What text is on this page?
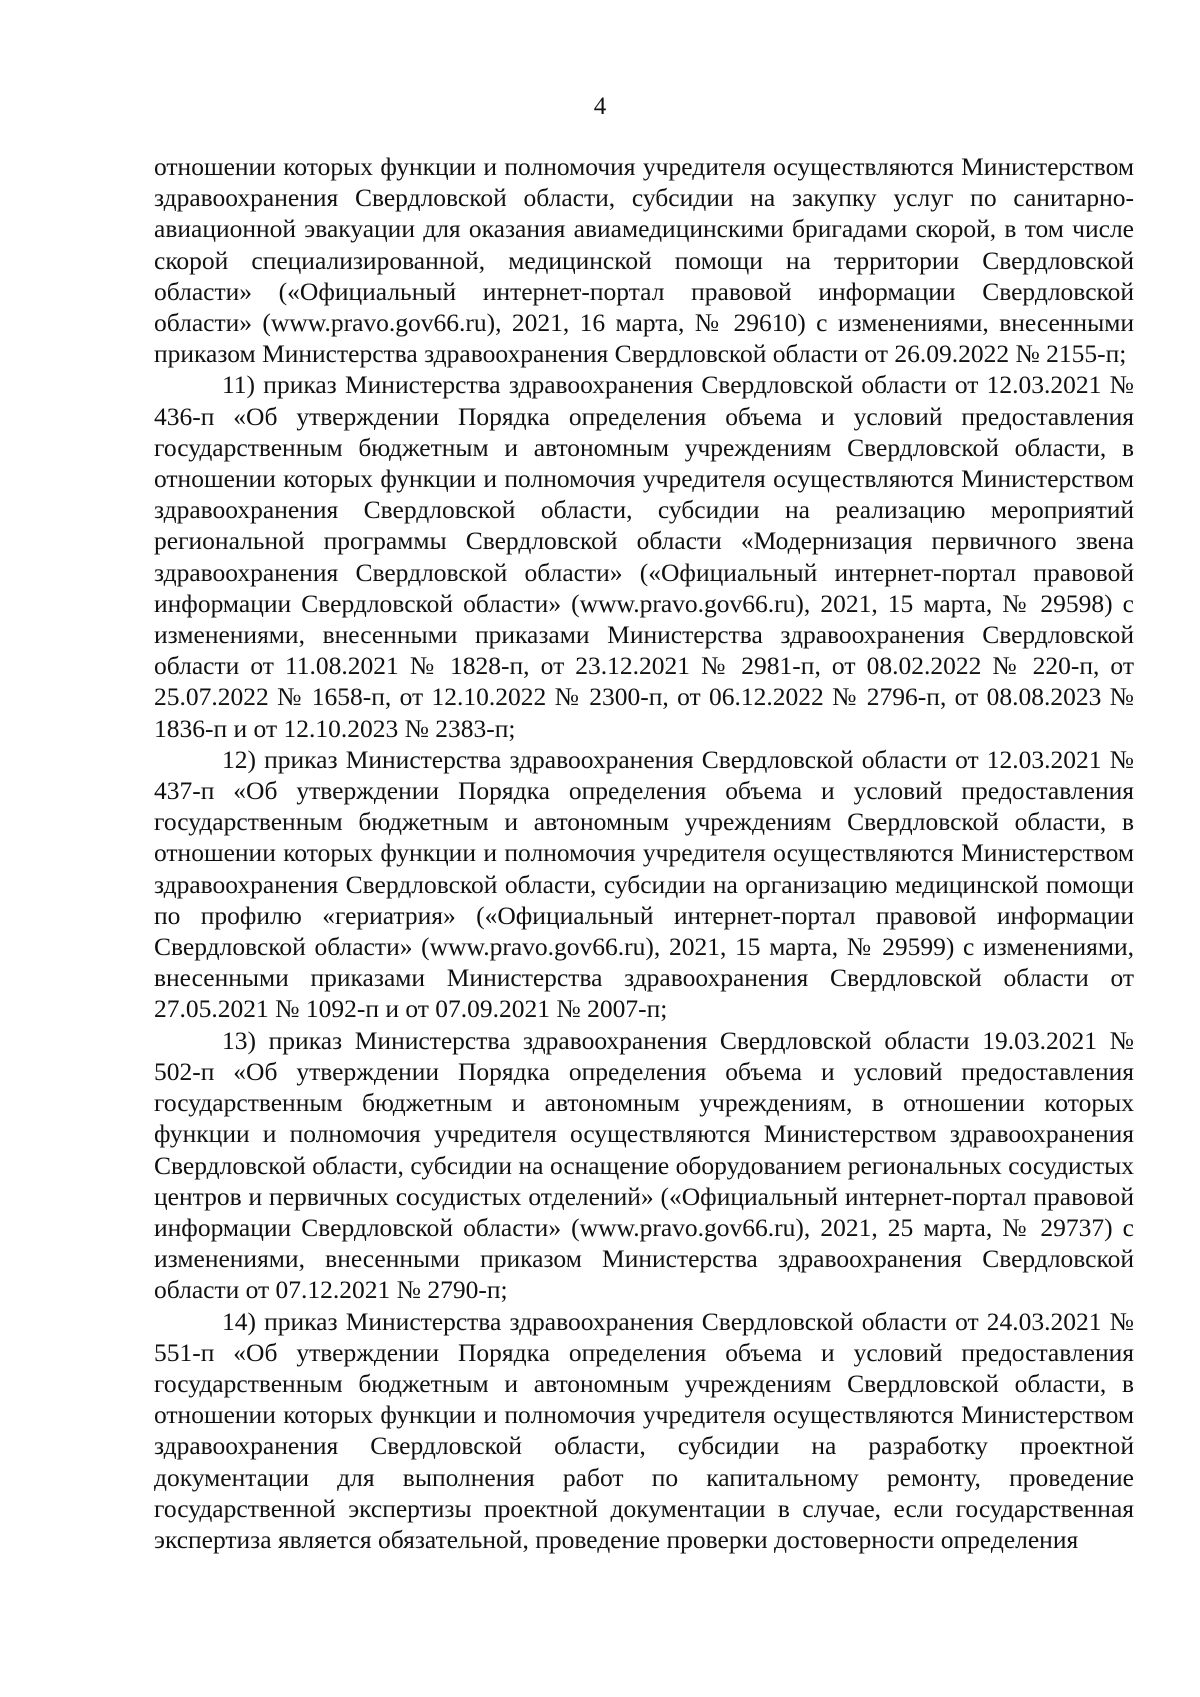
4

отношении которых функции и полномочия учредителя осуществляются Министерством здравоохранения Свердловской области, субсидии на закупку услуг по санитарно-авиационной эвакуации для оказания авиамедицинскими бригадами скорой, в том числе скорой специализированной, медицинской помощи на территории Свердловской области» («Официальный интернет-портал правовой информации Свердловской области» (www.pravo.gov66.ru), 2021, 16 марта, № 29610) с изменениями, внесенными приказом Министерства здравоохранения Свердловской области от 26.09.2022 № 2155-п;

11) приказ Министерства здравоохранения Свердловской области от 12.03.2021 № 436-п «Об утверждении Порядка определения объема и условий предоставления государственным бюджетным и автономным учреждениям Свердловской области, в отношении которых функции и полномочия учредителя осуществляются Министерством здравоохранения Свердловской области, субсидии на реализацию мероприятий региональной программы Свердловской области «Модернизация первичного звена здравоохранения Свердловской области» («Официальный интернет-портал правовой информации Свердловской области» (www.pravo.gov66.ru), 2021, 15 марта, № 29598) с изменениями, внесенными приказами Министерства здравоохранения Свердловской области от 11.08.2021 № 1828-п, от 23.12.2021 № 2981-п, от 08.02.2022 № 220-п, от 25.07.2022 № 1658-п, от 12.10.2022 № 2300-п, от 06.12.2022 № 2796-п, от 08.08.2023 № 1836-п и от 12.10.2023 № 2383-п;

12) приказ Министерства здравоохранения Свердловской области от 12.03.2021 № 437-п «Об утверждении Порядка определения объема и условий предоставления государственным бюджетным и автономным учреждениям Свердловской области, в отношении которых функции и полномочия учредителя осуществляются Министерством здравоохранения Свердловской области, субсидии на организацию медицинской помощи по профилю «гериатрия» («Официальный интернет-портал правовой информации Свердловской области» (www.pravo.gov66.ru), 2021, 15 марта, № 29599) с изменениями, внесенными приказами Министерства здравоохранения Свердловской области от 27.05.2021 № 1092-п и от 07.09.2021 № 2007-п;

13) приказ Министерства здравоохранения Свердловской области 19.03.2021 № 502-п «Об утверждении Порядка определения объема и условий предоставления государственным бюджетным и автономным учреждениям, в отношении которых функции и полномочия учредителя осуществляются Министерством здравоохранения Свердловской области, субсидии на оснащение оборудованием региональных сосудистых центров и первичных сосудистых отделений» («Официальный интернет-портал правовой информации Свердловской области» (www.pravo.gov66.ru), 2021, 25 марта, № 29737) с изменениями, внесенными приказом Министерства здравоохранения Свердловской области от 07.12.2021 № 2790-п;

14) приказ Министерства здравоохранения Свердловской области от 24.03.2021 № 551-п «Об утверждении Порядка определения объема и условий предоставления государственным бюджетным и автономным учреждениям Свердловской области, в отношении которых функции и полномочия учредителя осуществляются Министерством здравоохранения Свердловской области, субсидии на разработку проектной документации для выполнения работ по капитальному ремонту, проведение государственной экспертизы проектной документации в случае, если государственная экспертиза является обязательной, проведение проверки достоверности определения
